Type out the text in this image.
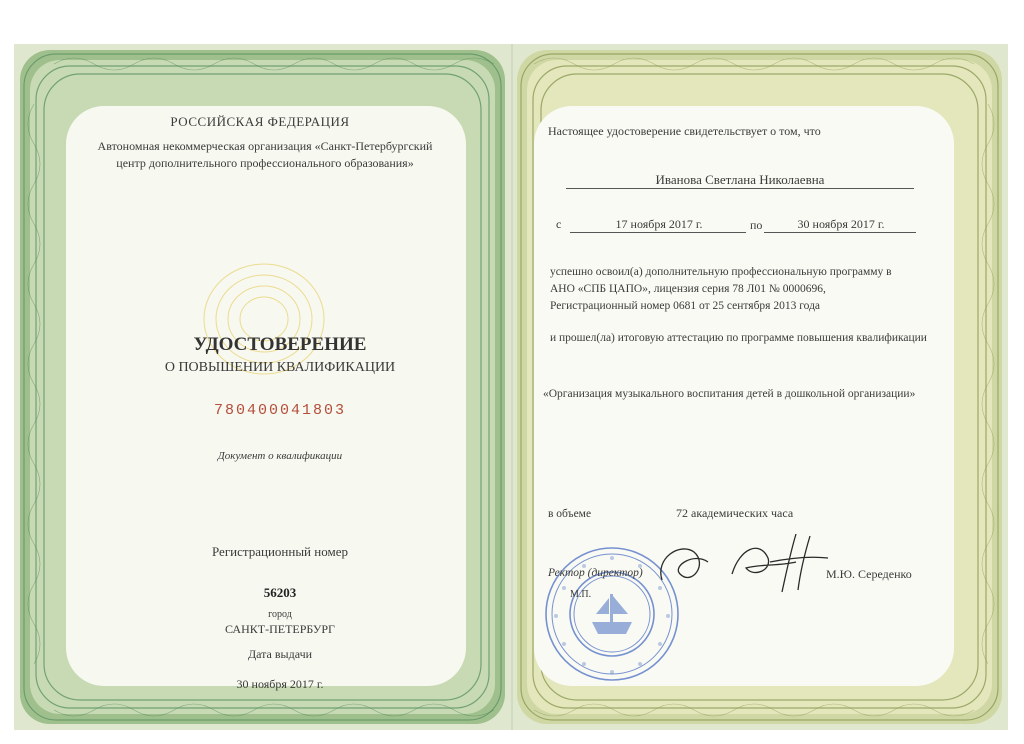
РОССИЙСКАЯ ФЕДЕРАЦИЯ
Автономная некоммерческая организация «Санкт-Петербургский
центр дополнительного профессионального образования»
УДОСТОВЕРЕНИЕ
О ПОВЫШЕНИИ КВАЛИФИКАЦИИ
780400041803
Документ о квалификации
Регистрационный номер
56203
город
САНКТ-ПЕТЕРБУРГ
Дата выдачи
30 ноября 2017 г.
Настоящее удостоверение свидетельствует о том, что
Иванова Светлана Николаевна
с	17 ноября 2017 г.	по	30 ноября 2017 г.
успешно освоил(а) дополнительную профессиональную программу в
АНО «СПБ ЦАПО», лицензия серия 78 Л01 № 0000696,
Регистрационный номер 0681 от 25 сентября 2013 года
и прошел(ла) итоговую аттестацию по программе повышения квалификации
«Организация музыкального воспитания детей в дошкольной организации»
в объеме	72 академических часа
Ректор (директор)
М.П.
М.Ю. Середенко
